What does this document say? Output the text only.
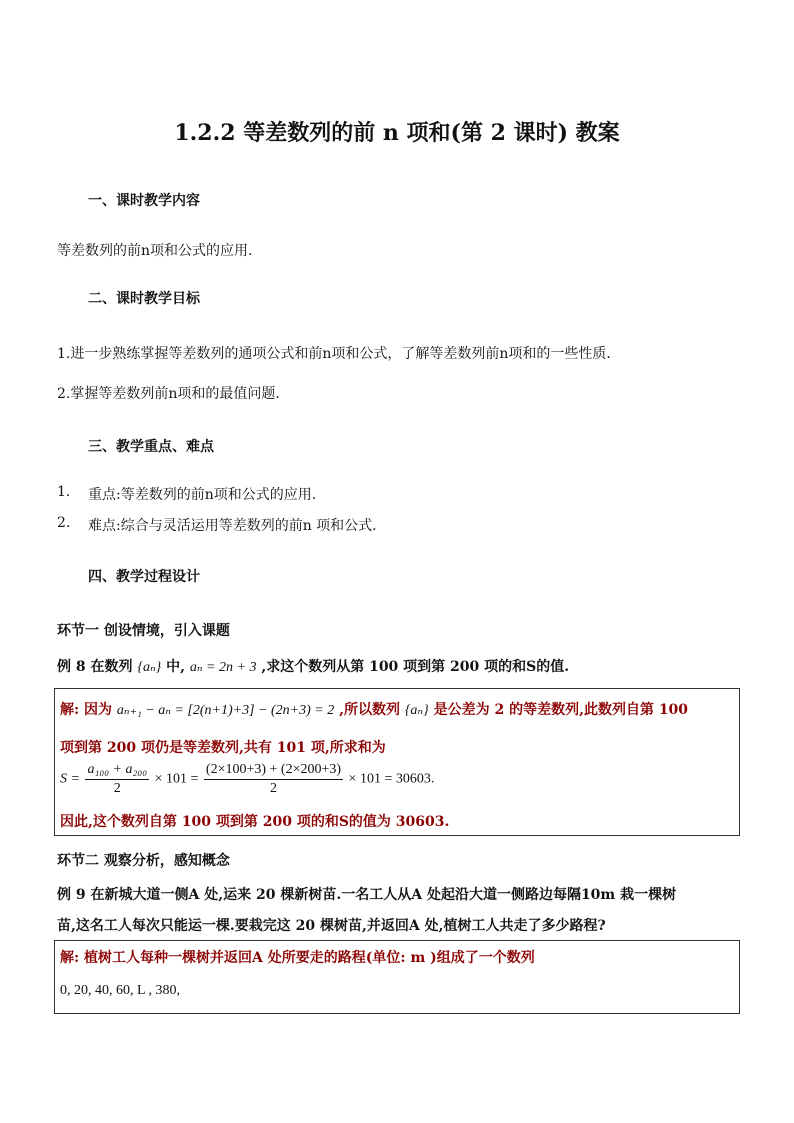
1.2.2 等差数列的前 n 项和(第 2 课时) 教案
一、课时教学内容
等差数列的前n项和公式的应用.
二、课时教学目标
1.进一步熟练掌握等差数列的通项公式和前n项和公式，了解等差数列前n项和的一些性质.
2.掌握等差数列前n项和的最值问题．
三、教学重点、难点
1. 重点:等差数列的前n项和公式的应用.
2. 难点:综合与灵活运用等差数列的前n 项和公式.
四、教学过程设计
环节一 创设情境，引入课题
例 8 在数列 {aₙ} 中, aₙ = 2n + 3 ,求这个数列从第 100 项到第 200 项的和S的值.
解: 因为 aₙ₊₁ − aₙ = [2(n+1)+3] − (2n+3) = 2 ,所以数列 {aₙ} 是公差为 2 的等差数列,此数列自第 100
项到第 200 项仍是等差数列,共有 101 项,所求和为
$S = \frac{\text{a₁₀₀ + a₂₀₀}}{2} \times 101 = \frac{(2\times 100+3) + (2\times 200+3)}{2} \times 101 = 30603$.
因此,这个数列自第 100 项到第 200 项的和S的值为 30603.
环节二 观察分析，感知概念
例 9 在新城大道一侧A 处,运来 20 棵新树苗.一名工人从A 处起沿大道一侧路边每隔10m 栽一棵树
苗,这名工人每次只能运一棵.要栽完这 20 棵树苗,并返回A 处,植树工人共走了多少路程?
解: 植树工人每种一棵树并返回A 处所要走的路程(单位: m )组成了一个数列
0, 20, 40, 60, L , 380,
